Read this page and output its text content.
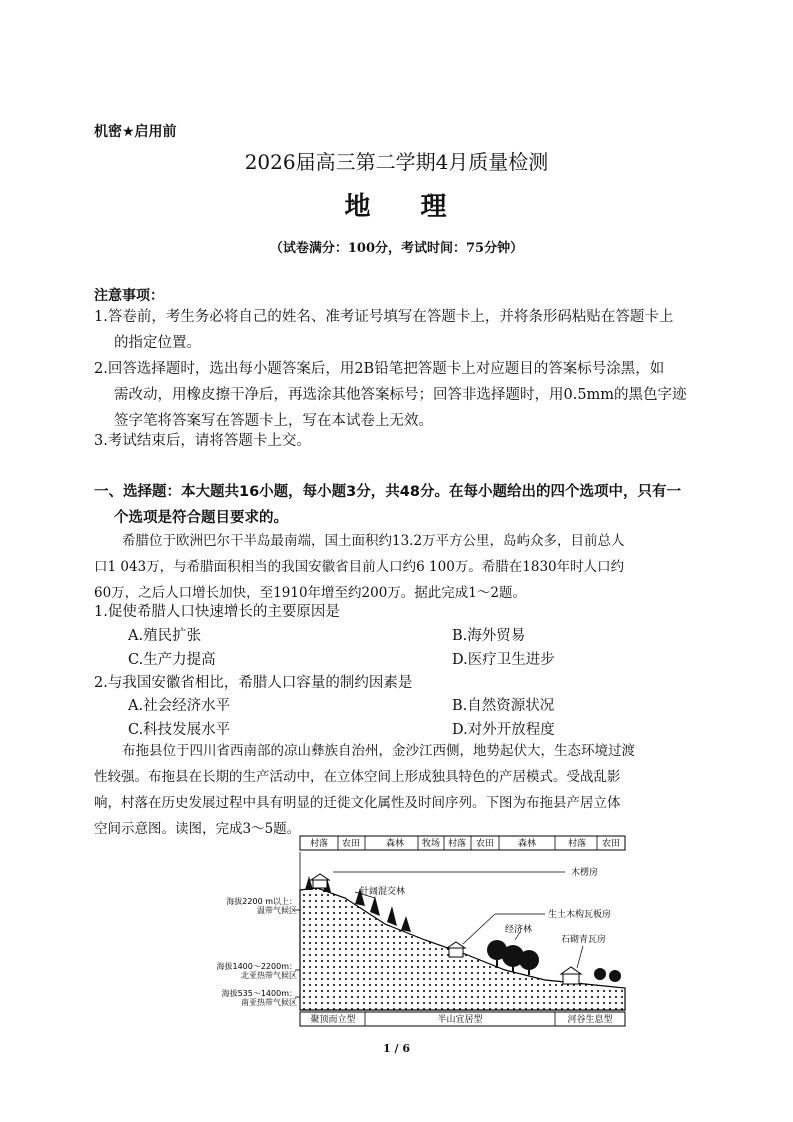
机密★启用前
2026届高三第二学期4月质量检测
地 理
（试卷满分：100分，考试时间：75分钟）
注意事项：
1.答卷前，考生务必将自己的姓名、准考证号填写在答题卡上，并将条形码粘贴在答题卡上
的指定位置。
2.回答选择题时，选出每小题答案后，用2B铅笔把答题卡上对应题目的答案标号涂黑，如
需改动，用橡皮擦干净后，再选涂其他答案标号；回答非选择题时，用0.5mm的黑色字迹
签字笔将答案写在答题卡上，写在本试卷上无效。
3.考试结束后，请将答题卡上交。
一、选择题：本大题共16小题，每小题3分，共48分。在每小题给出的四个选项中，只有一
个选项是符合题目要求的。
希腊位于欧洲巴尔干半岛最南端，国土面积约13.2万平方公里，岛屿众多，目前总人
口1 043万，与希腊面积相当的我国安徽省目前人口约6 100万。希腊在1830年时人口约
60万，之后人口增长加快，至1910年增至约200万。据此完成1～2题。
1.促使希腊人口快速增长的主要原因是
A.殖民扩张	B.海外贸易
C.生产力提高	D.医疗卫生进步
2.与我国安徽省相比，希腊人口容量的制约因素是
A.社会经济水平	B.自然资源状况
C.科技发展水平	D.对外开放程度
布拖县位于四川省西南部的凉山彝族自治州，金沙江西侧，地势起伏大，生态环境过渡
性较强。布拖县在长期的生产活动中，在立体空间上形成独具特色的产居模式。受战乱影
响，村落在历史发展过程中具有明显的迁徙文化属性及时间序列。下图为布拖县产居立体
空间示意图。读图，完成3～5题。
村落 农田	森林 牧场 村落 农田	森林	村落 农田
海拔2200 m以上：
温带气候区
海拔1400～2200m：
北亚热带气候区
海拔535～1400m：
南亚热带气候区
木楞房
针阔混交林
生土木构瓦板房
经济林
石砌青瓦房
聚顶而立型	半山宜居型	河谷生息型
1 / 6
